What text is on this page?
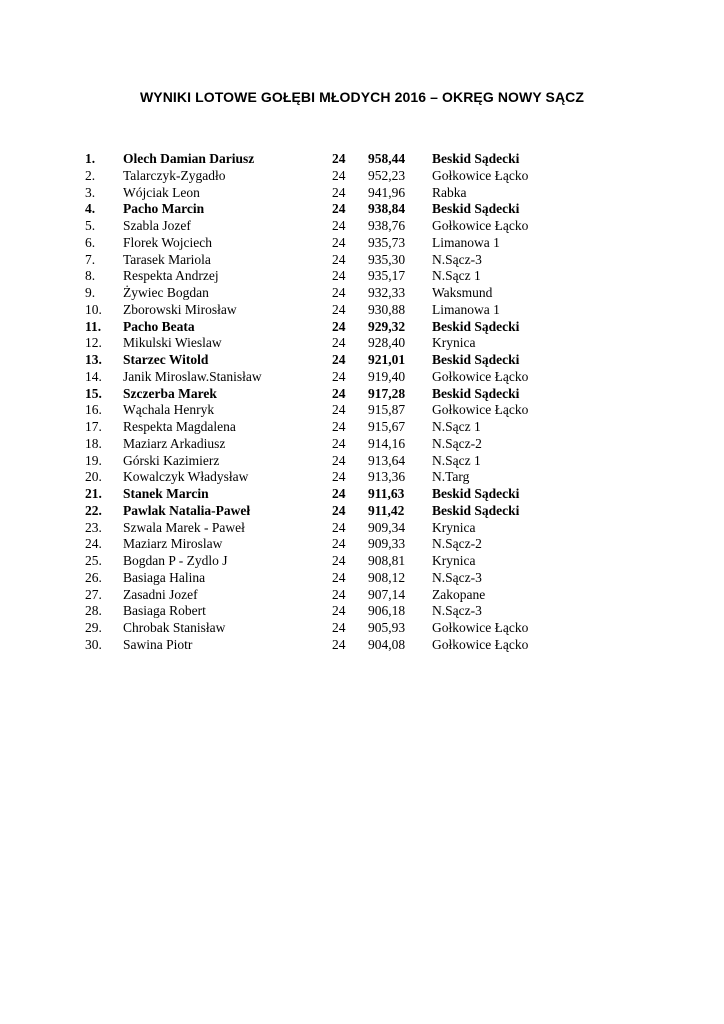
WYNIKI LOTOWE GOŁĘBI MŁODYCH 2016 – OKRĘG NOWY SĄCZ
1. Olech Damian Dariusz	24 958,44 Beskid Sądecki
2. Talarczyk-Zygadło	24 952,23 Gołkowice Łącko
3. Wójciak Leon	24 941,96 Rabka
4. Pacho Marcin	24 938,84 Beskid Sądecki
5. Szabla Jozef	24 938,76 Gołkowice Łącko
6. Florek Wojciech	24 935,73 Limanowa 1
7. Tarasek Mariola	24 935,30 N.Sącz-3
8. Respekta Andrzej	24 935,17 N.Sącz 1
9. Żywiec Bogdan	24 932,33 Waksmund
10. Zborowski Mirosław	24 930,88 Limanowa 1
11. Pacho Beata	24 929,32 Beskid Sądecki
12. Mikulski Wieslaw	24 928,40 Krynica
13. Starzec Witold	24 921,01 Beskid Sądecki
14. Janik Miroslaw.Stanisław	24 919,40 Gołkowice Łącko
15. Szczerba Marek	24 917,28 Beskid Sądecki
16. Wąchala Henryk	24 915,87 Gołkowice Łącko
17. Respekta Magdalena	24 915,67 N.Sącz 1
18. Maziarz Arkadiusz	24 914,16 N.Sącz-2
19. Górski Kazimierz	24 913,64 N.Sącz 1
20. Kowalczyk Władysław	24 913,36 N.Targ
21. Stanek Marcin	24 911,63 Beskid Sądecki
22. Pawlak Natalia-Paweł	24 911,42 Beskid Sądecki
23. Szwala Marek - Paweł	24 909,34 Krynica
24. Maziarz Miroslaw	24 909,33 N.Sącz-2
25. Bogdan P - Zydlo J	24 908,81 Krynica
26. Basiaga Halina	24 908,12 N.Sącz-3
27. Zasadni Jozef	24 907,14 Zakopane
28. Basiaga Robert	24 906,18 N.Sącz-3
29. Chrobak Stanisław	24 905,93 Gołkowice Łącko
30. Sawina Piotr	24 904,08 Gołkowice Łącko
